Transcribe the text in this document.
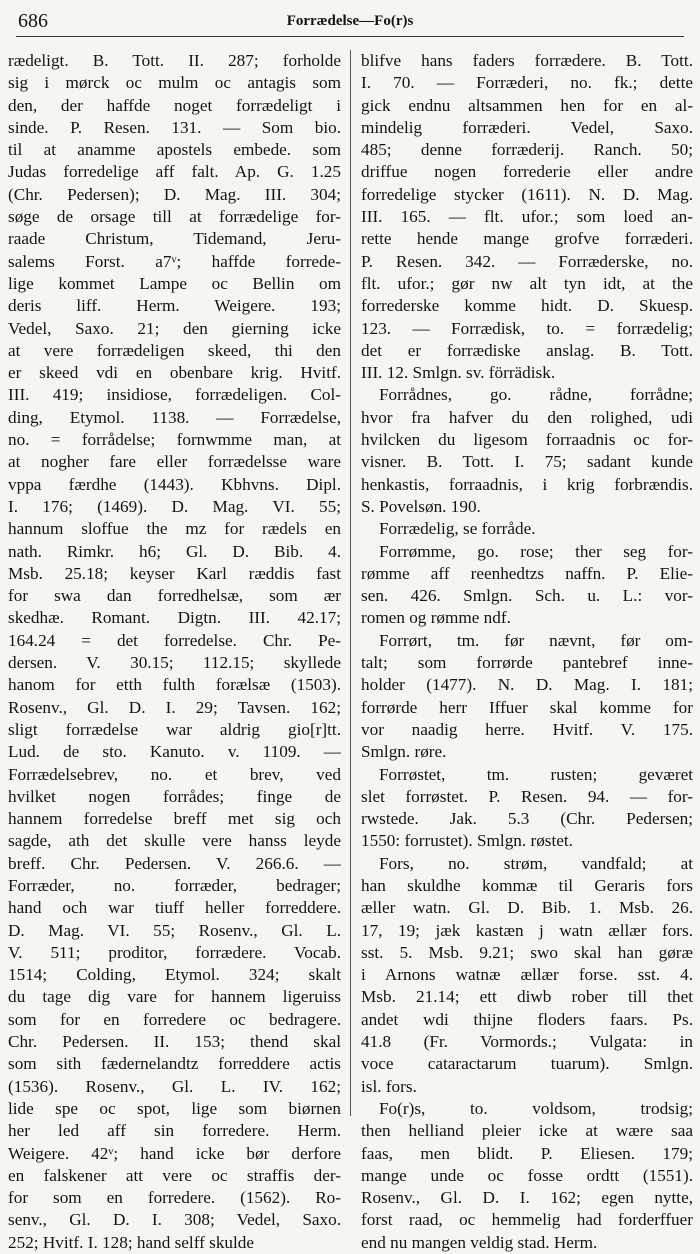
686	Forrædelse—Fo(r)s
rædeligt. B. Tott. II. 287; forholde
sig i mørck oc mulm oc antagis som
den, der haffde noget forrædeligt i
sinde. P. Resen. 131. — Som bio.
til at anamme apostels embede. som
Judas forredelige aff falt. Ap. G. 1.25
(Chr. Pedersen); D. Mag. III. 304;
søge de orsage till at forrædelige for-
raade Christum, Tidemand, Jeru-
salems Forst. a7ᵛ; haffde forrede-
lige kommet Lampe oc Bellin om
deris liff. Herm. Weigere. 193;
Vedel, Saxo. 21; den gierning icke
at vere forrædeligen skeed, thi den
er skeed vdi en obenbare krig. Hvitf.
III. 419; insidiose, forrædeligen. Col-
ding, Etymol. 1138. — Forrædelse,
no. = forrådelse; fornwmme man, at
at nogher fare eller forrædelsse ware
vppa færdhe (1443). Kbhvns. Dipl.
I. 176; (1469). D. Mag. VI. 55;
hannum sloffue the mz for rædels en
nath. Rimkr. h6; Gl. D. Bib. 4.
Msb. 25.18; keyser Karl ræddis fast
for swa dan forredhelsæ, som ær
skedhæ. Romant. Digtn. III. 42.17;
164.24 = det forredelse. Chr. Pe-
dersen. V. 30.15; 112.15; skyllede
hanom for etth fulth forælsæ (1503).
Rosenv., Gl. D. I. 29; Tavsen. 162;
sligt forrædelse war aldrig gio[r]tt.
Lud. de sto. Kanuto. v. 1109. —
Forrædelsebrev, no. et brev, ved
hvilket nogen forrådes; finge de
hannem forredelse breff met sig och
sagde, ath det skulle vere hanss leyde
breff. Chr. Pedersen. V. 266.6. —
Forræder, no. forræder, bedrager;
hand och war tiuff heller forreddere.
D. Mag. VI. 55; Rosenv., Gl. L.
V. 511; proditor, forrædere. Vocab.
1514; Colding, Etymol. 324; skalt
du tage dig vare for hannem ligeruiss
som for en forredere oc bedragere.
Chr. Pedersen. II. 153; thend skal
som sith fædernelandtz forreddere actis
(1536). Rosenv., Gl. L. IV. 162;
lide spe oc spot, lige som biørnen
her led aff sin forredere. Herm.
Weigere. 42ᵛ; hand icke bør derfore
en falskener att vere oc straffis der-
for som en forredere. (1562). Ro-
senv., Gl. D. I. 308; Vedel, Saxo.
252; Hvitf. I. 128; hand selff skulde
blifve hans faders forrædere. B. Tott.
I. 70. — Forræderi, no. fk.; dette
gick endnu altsammen hen for en al-
mindelig forræderi. Vedel, Saxo.
485; denne forræderij. Ranch. 50;
driffue nogen forrederie eller andre
forredelige stycker (1611). N. D. Mag.
III. 165. — flt. ufor.; som loed an-
rette hende mange grofve forræderi.
P. Resen. 342. — Forræderske, no.
flt. ufor.; gør nw alt tyn idt, at the
forrederske komme hidt. D. Skuesp.
123. — Forrædisk, to. = forrædelig;
det er forrædiske anslag. B. Tott.
III. 12. Smlgn. sv. förrädisk.
Forrådnes, go. rådne, forrådne;
hvor fra hafver du den rolighed, udi
hvilcken du ligesom forraadnis oc for-
visner. B. Tott. I. 75; sadant kunde
henkastis, forraadnis, i krig forbrændis.
S. Povelsøn. 190.
Forrædelig, se forråde.
Forrømme, go. rose; ther seg for-
rømme aff reenhedtzs naffn. P. Elie-
sen. 426. Smlgn. Sch. u. L.: vor-
romen og rømme ndf.
Forrørt, tm. før nævnt, før om-
talt; som forrørde pantebref inne-
holder (1477). N. D. Mag. I. 181;
forrørde herr Iffuer skal komme for
vor naadig herre. Hvitf. V. 175.
Smlgn. røre.
Forrøstet, tm. rusten; geværet
slet forrøstet. P. Resen. 94. — for-
rwstede. Jak. 5.3 (Chr. Pedersen;
1550: forrustet). Smlgn. røstet.
Fors, no. strøm, vandfald; at
han skuldhe kommæ til Geraris fors
æller watn. Gl. D. Bib. 1. Msb. 26.
17, 19; jæk kastæn j watn ællær fors.
sst. 5. Msb. 9.21; swo skal han gøræ
i Arnons watnæ ællær forse. sst. 4.
Msb. 21.14; ett diwb rober till thet
andet wdi thijne floders faars. Ps.
41.8 (Fr. Vormords.; Vulgata: in
voce cataractarum tuarum). Smlgn.
isl. fors.
Fo(r)s, to. voldsom, trodsig;
then helliand pleier icke at wære saa
faas, men blidt. P. Eliesen. 179;
mange unde oc fosse ordtt (1551).
Rosenv., Gl. D. I. 162; egen nytte,
forst raad, oc hemmelig had forderffuer
end nu mangen veldig stad. Herm.
